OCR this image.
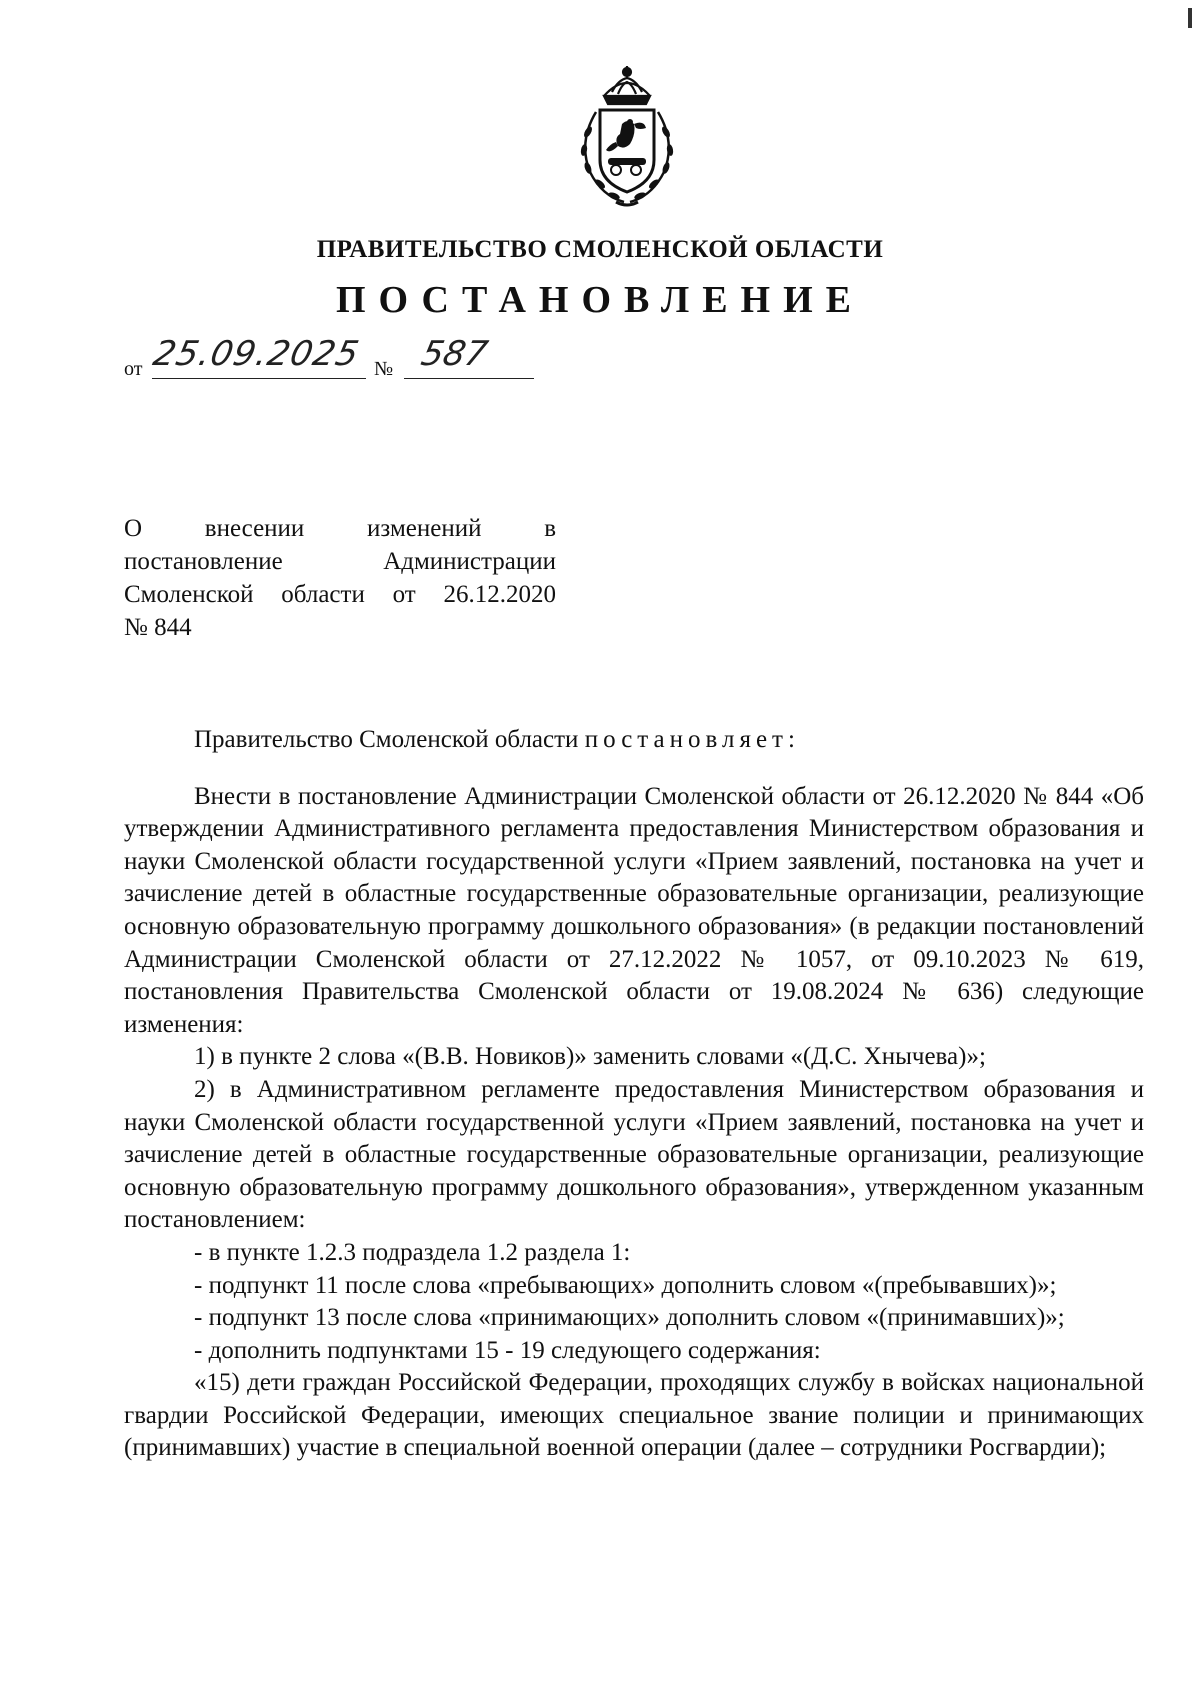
ПРАВИТЕЛЬСТВО СМОЛЕНСКОЙ ОБЛАСТИ
ПОСТАНОВЛЕНИЕ
от 25.09.2025 № 587
О внесении изменений в
постановление Администрации
Смоленской области от 26.12.2020
№ 844

Правительство Смоленской области постановляет:

Внести в постановление Администрации Смоленской области от 26.12.2020 № 844 «Об утверждении Административного регламента предоставления Министерством образования и науки Смоленской области государственной услуги «Прием заявлений, постановка на учет и зачисление детей в областные государственные образовательные организации, реализующие основную образовательную программу дошкольного образования» (в редакции постановлений Администрации Смоленской области от 27.12.2022 № 1057, от 09.10.2023 № 619, постановления Правительства Смоленской области от 19.08.2024 № 636) следующие изменения:

1) в пункте 2 слова «(В.В. Новиков)» заменить словами «(Д.С. Хнычева)»;

2) в Административном регламенте предоставления Министерством образования и науки Смоленской области государственной услуги «Прием заявлений, постановка на учет и зачисление детей в областные государственные образовательные организации, реализующие основную образовательную программу дошкольного образования», утвержденном указанным постановлением:

- в пункте 1.2.3 подраздела 1.2 раздела 1:

- подпункт 11 после слова «пребывающих» дополнить словом «(пребывавших)»;

- подпункт 13 после слова «принимающих» дополнить словом «(принимавших)»;

- дополнить подпунктами 15 - 19 следующего содержания:

«15) дети граждан Российской Федерации, проходящих службу в войсках национальной гвардии Российской Федерации, имеющих специальное звание полиции и принимающих (принимавших) участие в специальной военной операции (далее – сотрудники Росгвардии);
